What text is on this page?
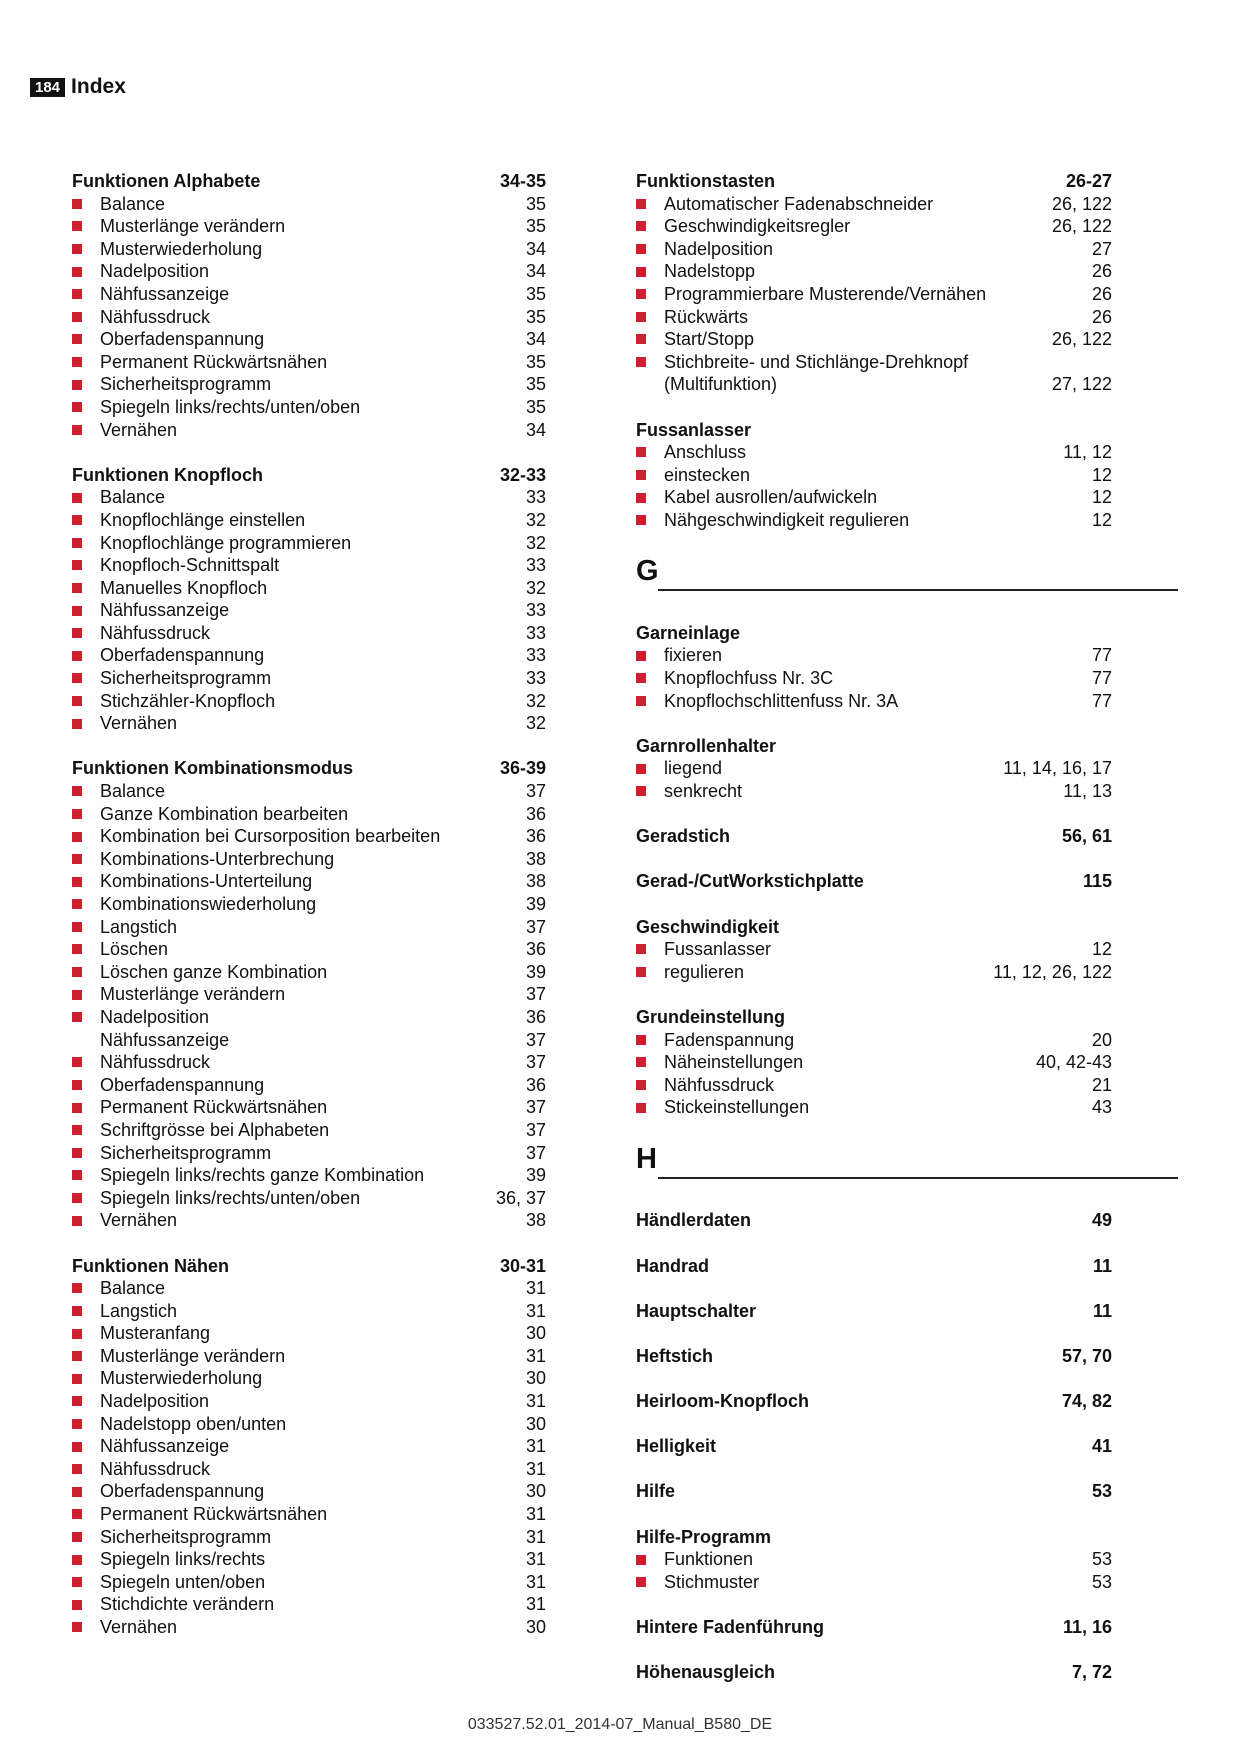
184 Index
Funktionen Alphabete	34-35
Balance	35
Musterlänge verändern	35
Musterwiederholung	34
Nadelposition	34
Nähfussanzeige	35
Nähfussdruck	35
Oberfadenspannung	34
Permanent Rückwärtsnähen	35
Sicherheitsprogramm	35
Spiegeln links/rechts/unten/oben	35
Vernähen	34
Funktionen Knopfloch	32-33
Balance	33
Knopflochlänge einstellen	32
Knopflochlänge programmieren	32
Knopfloch-Schnittspalt	33
Manuelles Knopfloch	32
Nähfussanzeige	33
Nähfussdruck	33
Oberfadenspannung	33
Sicherheitsprogramm	33
Stichzähler-Knopfloch	32
Vernähen	32
Funktionen Kombinationsmodus	36-39
Balance	37
Ganze Kombination bearbeiten	36
Kombination bei Cursorposition bearbeiten	36
Kombinations-Unterbrechung	38
Kombinations-Unterteilung	38
Kombinationswiederholung	39
Langstich	37
Löschen	36
Löschen ganze Kombination	39
Musterlänge verändern	37
Nadelposition	36
Nähfussanzeige	37
Nähfussdruck	37
Oberfadenspannung	36
Permanent Rückwärtsnähen	37
Schriftgrösse bei Alphabeten	37
Sicherheitsprogramm	37
Spiegeln links/rechts ganze Kombination	39
Spiegeln links/rechts/unten/oben	36, 37
Vernähen	38
Funktionen Nähen	30-31
Balance	31
Langstich	31
Musteranfang	30
Musterlänge verändern	31
Musterwiederholung	30
Nadelposition	31
Nadelstopp oben/unten	30
Nähfussanzeige	31
Nähfussdruck	31
Oberfadenspannung	30
Permanent Rückwärtsnähen	31
Sicherheitsprogramm	31
Spiegeln links/rechts	31
Spiegeln unten/oben	31
Stichdichte verändern	31
Vernähen	30
Funktionstasten	26-27
Automatischer Fadenabschneider	26, 122
Geschwindigkeitsregler	26, 122
Nadelposition	27
Nadelstopp	26
Programmierbare Musterende/Vernähen	26
Rückwärts	26
Start/Stopp	26, 122
Stichbreite- und Stichlänge-Drehknopf
(Multifunktion)	27, 122
Fussanlasser
Anschluss	11, 12
einstecken	12
Kabel ausrollen/aufwickeln	12
Nähgeschwindigkeit regulieren	12
G
Garneinlage
fixieren	77
Knopflochfuss Nr. 3C	77
Knopflochschlittenfuss Nr. 3A	77
Garnrollenhalter
liegend	11, 14, 16, 17
senkrecht	11, 13
Geradstich	56, 61
Gerad-/CutWorkstichplatte	115
Geschwindigkeit
Fussanlasser	12
regulieren	11, 12, 26, 122
Grundeinstellung
Fadenspannung	20
Näheinstellungen	40, 42-43
Nähfussdruck	21
Stickeinstellungen	43
H
Händlerdaten	49
Handrad	11
Hauptschalter	11
Heftstich	57, 70
Heirloom-Knopfloch	74, 82
Helligkeit	41
Hilfe	53
Hilfe-Programm
Funktionen	53
Stichmuster	53
Hintere Fadenführung	11, 16
Höhenausgleich	7, 72
033527.52.01_2014-07_Manual_B580_DE
